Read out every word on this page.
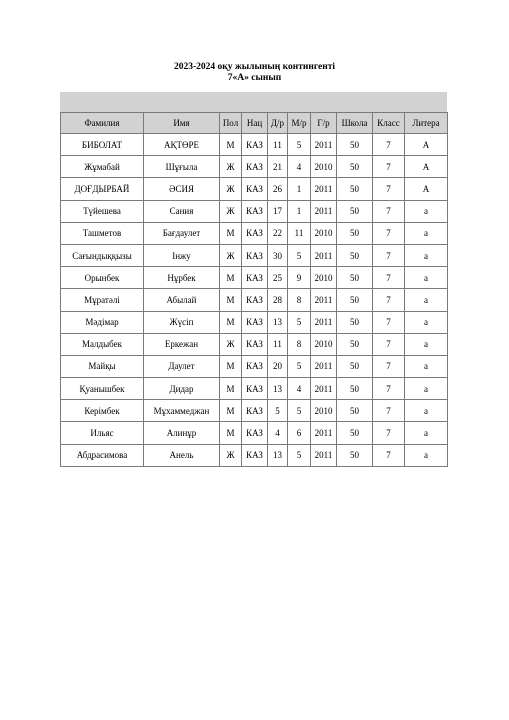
2023-2024 оқу жылының контингенті
7«А» сынып
Фамилия	Имя	Пол	Нац	Д/р	М/р	Г/р	Школа	Класс	Литера
БИБОЛАТ	АҚТӨРЕ	М	КАЗ	11	5	2011	50	7	А
Жұмабай	Шұғыла	Ж	КАЗ	21	4	2010	50	7	А
ДОҒДЫРБАЙ	ӘСИЯ	Ж	КАЗ	26	1	2011	50	7	А
Түйешева	Сания	Ж	КАЗ	17	1	2011	50	7	а
Ташметов	Бағдаулет	М	КАЗ	22	11	2010	50	7	а
Сағындыққызы	Інжу	Ж	КАЗ	30	5	2011	50	7	а
Орынбек	Нұрбек	М	КАЗ	25	9	2010	50	7	а
Мұратәлі	Абылай	М	КАЗ	28	8	2011	50	7	а
Мәдімар	Жүсіп	М	КАЗ	13	5	2011	50	7	а
Малдыбек	Еркежан	Ж	КАЗ	11	8	2010	50	7	а
Майқы	Даулет	М	КАЗ	20	5	2011	50	7	а
Қуанышбек	Дидар	М	КАЗ	13	4	2011	50	7	а
Керімбек	Мұхаммеджан	М	КАЗ	5	5	2010	50	7	а
Ильяс	Алинұр	М	КАЗ	4	6	2011	50	7	а
Абдрасимова	Анель	Ж	КАЗ	13	5	2011	50	7	а
